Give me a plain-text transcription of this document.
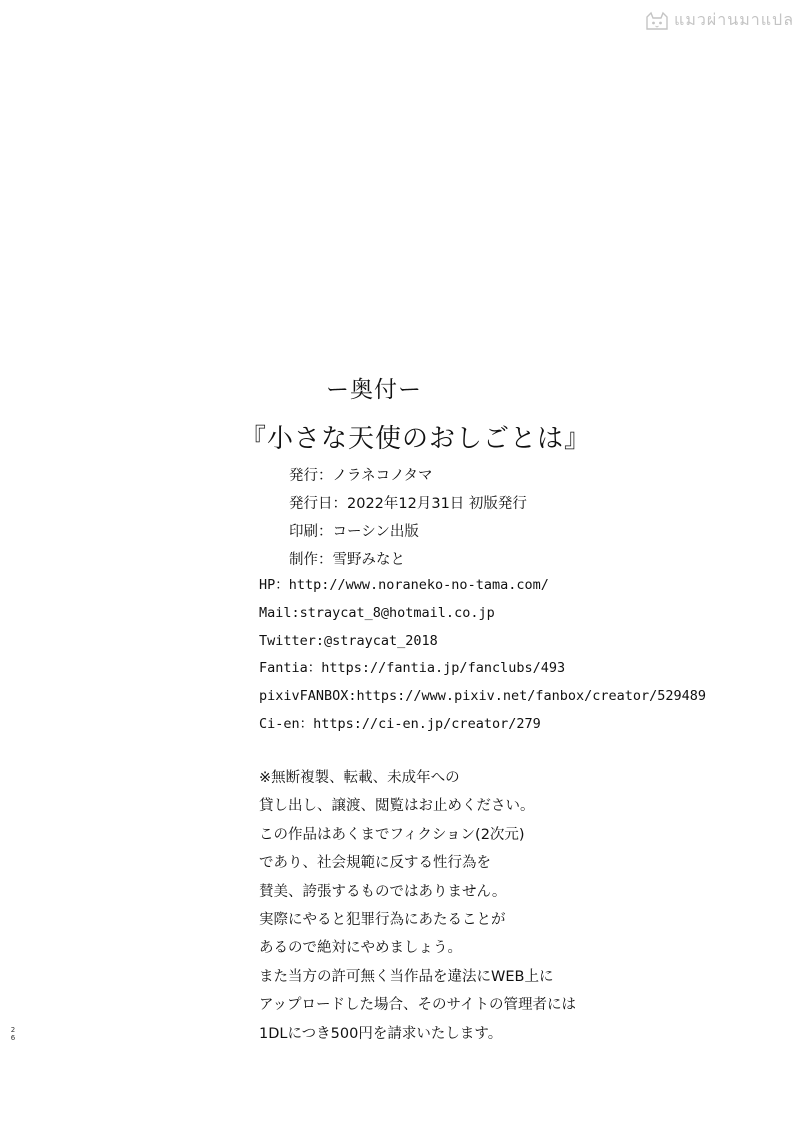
แมวผ่านมาแปล
ー奥付ー
『小さな天使のおしごとは』
発行：ノラネコノタマ
発行日：2022年12月31日 初版発行
印刷：コーシン出版
制作：雪野みなと
HP：http://www.noraneko-no-tama.com/
Mail:straycat_8@hotmail.co.jp
Twitter:@straycat_2018
Fantia：https://fantia.jp/fanclubs/493
pixivFANBOX:https://www.pixiv.net/fanbox/creator/529489
Ci-en：https://ci-en.jp/creator/279
※無断複製、転載、未成年への
貸し出し、譲渡、閲覧はお止めください。
この作品はあくまでフィクション(2次元)
であり、社会規範に反する性行為を
賛美、誇張するものではありません。
実際にやると犯罪行為にあたることが
あるので絶対にやめましょう。
また当方の許可無く当作品を違法にWEB上に
アップロードした場合、そのサイトの管理者には
1DLにつき500円を請求いたします。
26
